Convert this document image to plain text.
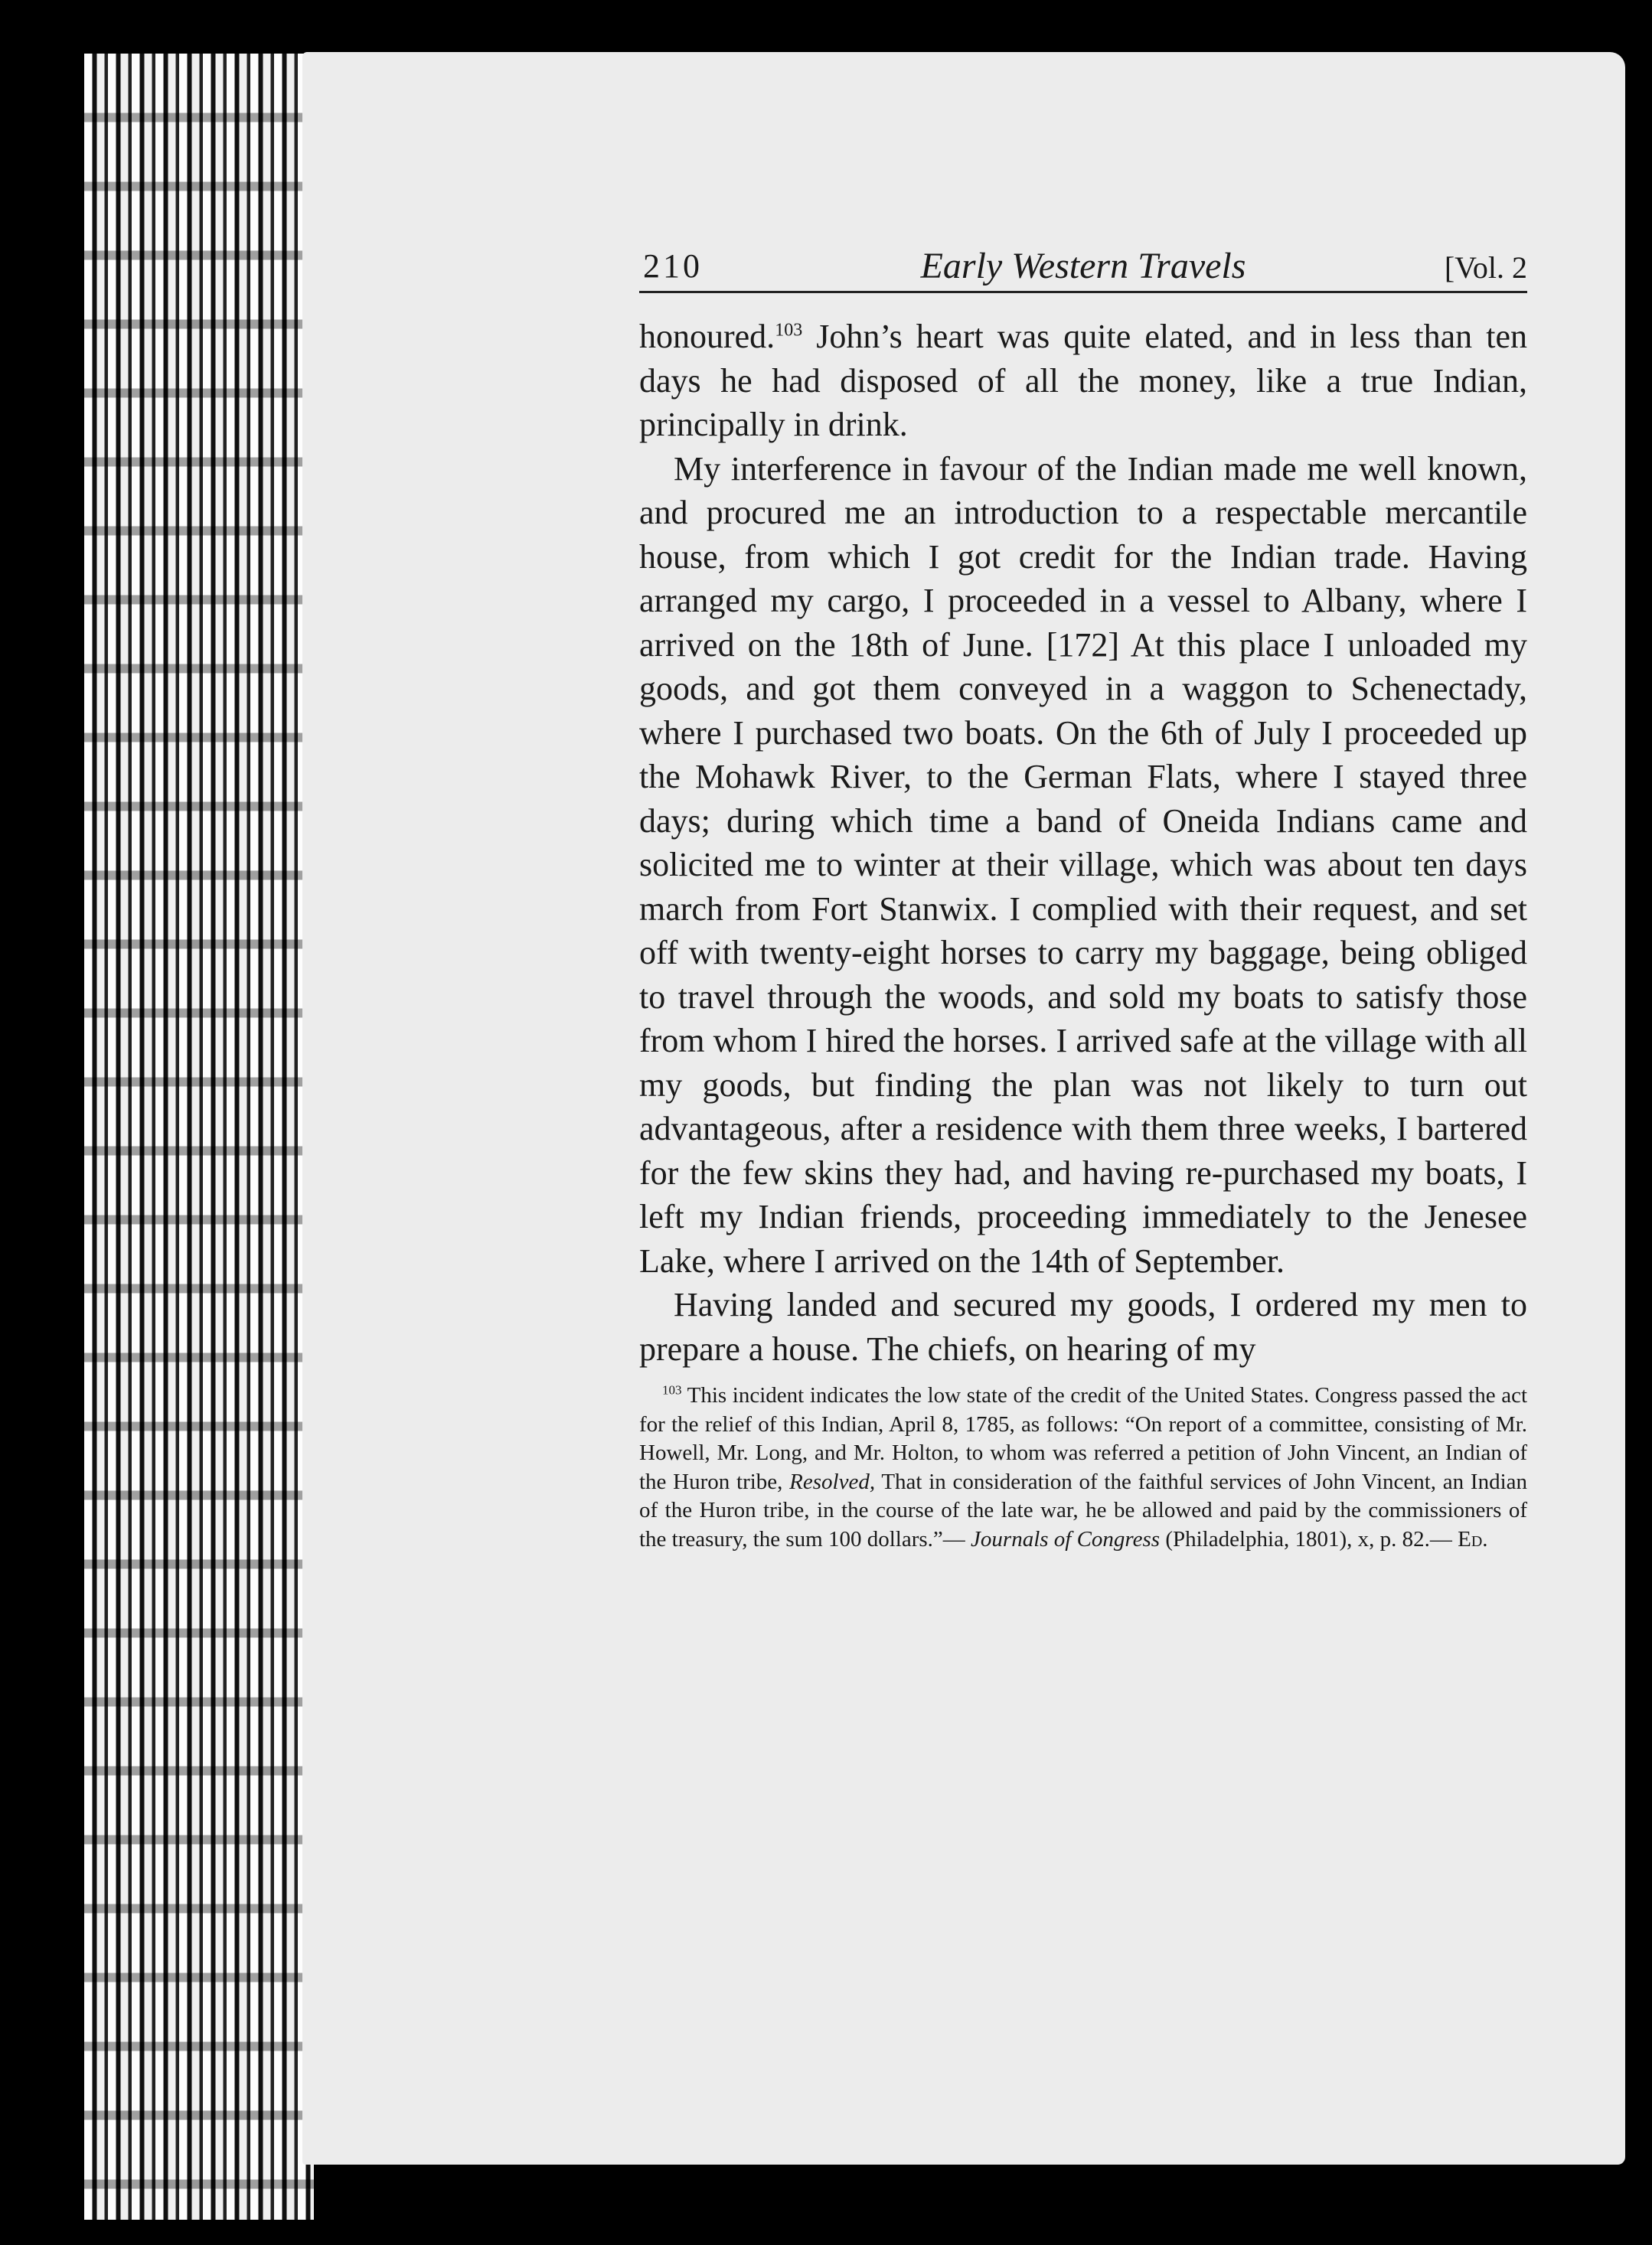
210	Early Western Travels	[Vol. 2

honoured.$^{103}$ John’s heart was quite elated, and in less than ten days he had disposed of all the money, like a true Indian, principally in drink.

My interference in favour of the Indian made me well known, and procured me an introduction to a respectable mercantile house, from which I got credit for the Indian trade. Having arranged my cargo, I proceeded in a vessel to Albany, where I arrived on the 18th of June. [172] At this place I unloaded my goods, and got them conveyed in a waggon to Schenectady, where I purchased two boats. On the 6th of July I proceeded up the Mohawk River, to the German Flats, where I stayed three days; during which time a band of Oneida Indians came and solicited me to winter at their village, which was about ten days march from Fort Stanwix. I complied with their request, and set off with twenty-eight horses to carry my baggage, being obliged to travel through the woods, and sold my boats to satisfy those from whom I hired the horses. I arrived safe at the village with all my goods, but finding the plan was not likely to turn out advantageous, after a residence with them three weeks, I bartered for the few skins they had, and having re-purchased my boats, I left my Indian friends, proceeding immediately to the Jenesee Lake, where I arrived on the 14th of September.

Having landed and secured my goods, I ordered my men to prepare a house. The chiefs, on hearing of my

$^{103}$ This incident indicates the low state of the credit of the United States. Congress passed the act for the relief of this Indian, April 8, 1785, as follows: “On report of a committee, consisting of Mr. Howell, Mr. Long, and Mr. Holton, to whom was referred a petition of John Vincent, an Indian of the Huron tribe, Resolved, That in consideration of the faithful services of John Vincent, an Indian of the Huron tribe, in the course of the late war, he be allowed and paid by the commissioners of the treasury, the sum 100 dollars.”— Journals of Congress (Philadelphia, 1801), x, p. 82.— Ed.
